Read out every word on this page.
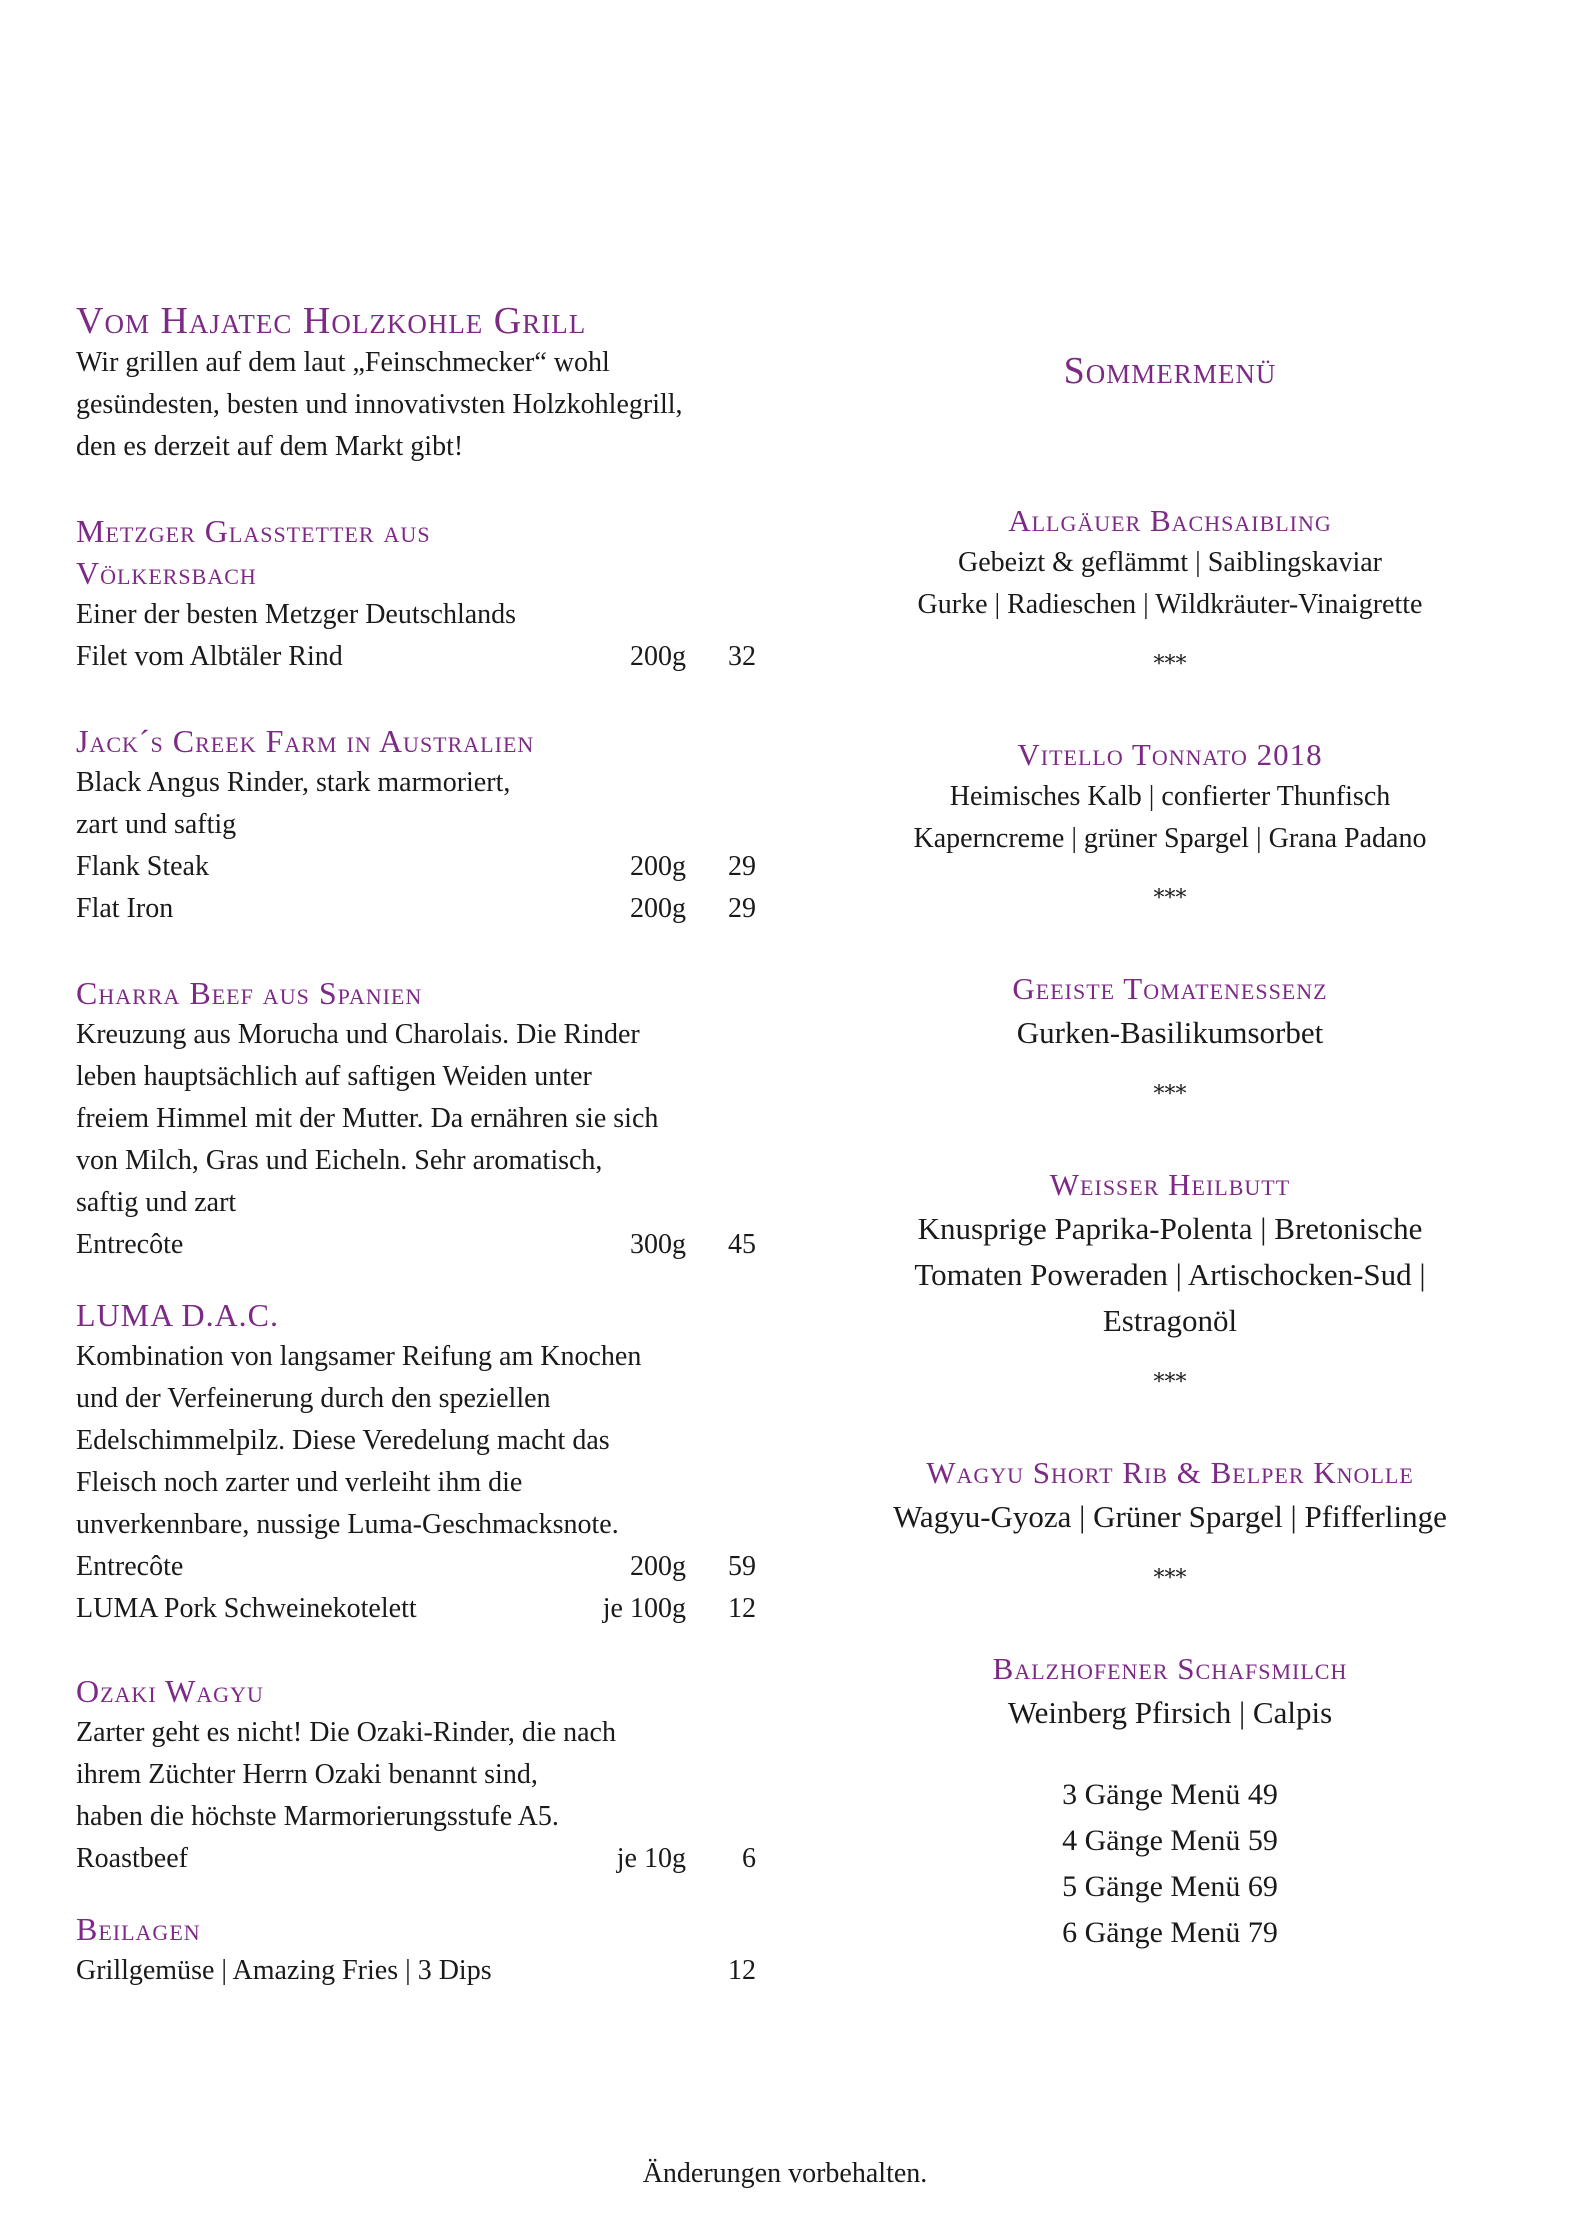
Vom Hajatec Holzkohle Grill
Wir grillen auf dem laut „Feinschmecker“ wohl
gesündesten, besten und innovativsten Holzkohlegrill,
den es derzeit auf dem Markt gibt!
Metzger Glasstetter aus
Völkersbach
Einer der besten Metzger Deutschlands
Filet vom Albtäler Rind	200g	32
Jack´s Creek Farm in Australien
Black Angus Rinder, stark marmoriert,
zart und saftig
Flank Steak	200g	29
Flat Iron	200g	29
Charra Beef aus Spanien
Kreuzung aus Morucha und Charolais. Die Rinder
leben hauptsächlich auf saftigen Weiden unter
freiem Himmel mit der Mutter. Da ernähren sie sich
von Milch, Gras und Eicheln. Sehr aromatisch,
saftig und zart
Entrecôte	300g	45
LUMA D.A.C.
Kombination von langsamer Reifung am Knochen
und der Verfeinerung durch den speziellen
Edelschimmelpilz. Diese Veredelung macht das
Fleisch noch zarter und verleiht ihm die
unverkennbare, nussige Luma-Geschmacksnote.
Entrecôte	200g	59
LUMA Pork Schweinekotelett	je 100g	12
Ozaki Wagyu
Zarter geht es nicht! Die Ozaki-Rinder, die nach
ihrem Züchter Herrn Ozaki benannt sind,
haben die höchste Marmorierungsstufe A5.
Roastbeef	je 10g	6
Beilagen
Grillgemüse | Amazing Fries | 3 Dips	12
Sommermenü
Allgäuer Bachsaibling
Gebeizt & geflämmt | Saiblingskaviar
Gurke | Radieschen | Wildkräuter-Vinaigrette
***
Vitello Tonnato 2018
Heimisches Kalb | confierter Thunfisch
Kaperncreme | grüner Spargel | Grana Padano
***
Geeiste Tomatenessenz
Gurken-Basilikumsorbet
***
Weisser Heilbutt
Knusprige Paprika-Polenta | Bretonische
Tomaten Poweraden | Artischocken-Sud |
Estragonöl
***
Wagyu Short Rib & Belper Knolle
Wagyu-Gyoza | Grüner Spargel | Pfifferlinge
***
Balzhofener Schafsmilch
Weinberg Pfirsich | Calpis
3 Gänge Menü 49
4 Gänge Menü 59
5 Gänge Menü 69
6 Gänge Menü 79
Änderungen vorbehalten.
